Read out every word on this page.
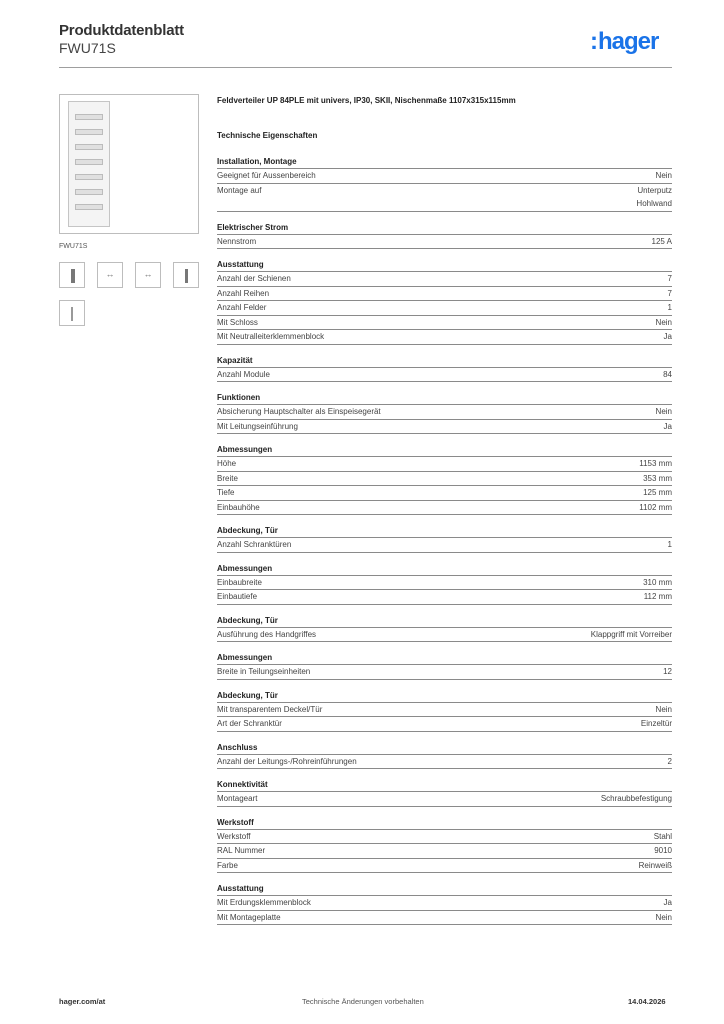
Produktdatenblatt
FWU71S	:hager
FWU71S
↔	↔
Feldverteiler UP 84PLE mit univers, IP30, SKII, Nischenmaße 1107x315x115mm
Technische Eigenschaften
Installation, Montage
Geeignet für Aussenbereich	Nein
Montage auf	Unterputz
Hohlwand
Elektrischer Strom
Nennstrom	125 A
Ausstattung
Anzahl der Schienen	7
Anzahl Reihen	7
Anzahl Felder	1
Mit Schloss	Nein
Mit Neutralleiterklemmenblock	Ja
Kapazität
Anzahl Module	84
Funktionen
Absicherung Hauptschalter als Einspeisegerät	Nein
Mit Leitungseinführung	Ja
Abmessungen
Höhe	1153 mm
Breite	353 mm
Tiefe	125 mm
Einbauhöhe	1102 mm
Abdeckung, Tür
Anzahl Schranktüren	1
Abmessungen
Einbaubreite	310 mm
Einbautiefe	112 mm
Abdeckung, Tür
Ausführung des Handgriffes	Klappgriff mit Vorreiber
Abmessungen
Breite in Teilungseinheiten	12
Abdeckung, Tür
Mit transparentem Deckel/Tür	Nein
Art der Schranktür	Einzeltür
Anschluss
Anzahl der Leitungs-/Rohreinführungen	2
Konnektivität
Montageart	Schraubbefestigung
Werkstoff
Werkstoff	Stahl
RAL Nummer	9010
Farbe	Reinweiß
Ausstattung
Mit Erdungsklemmenblock	Ja
Mit Montageplatte	Nein
hager.com/at	Technische Änderungen vorbehalten	14.04.2026
